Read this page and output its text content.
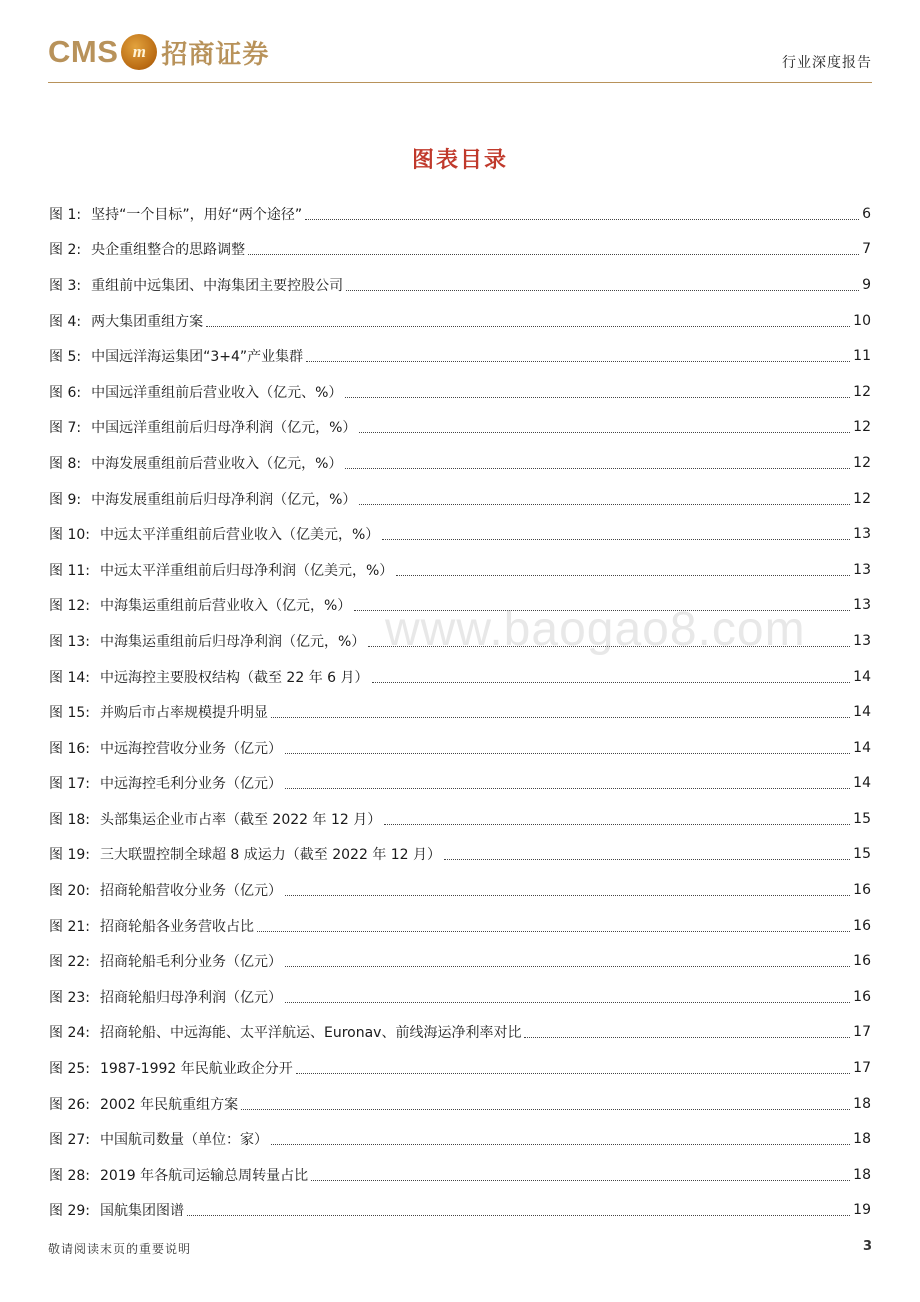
CMS m 招商证券	行业深度报告
图表目录
图 1: 坚持“一个目标”，用好“两个途径”	6
图 2: 央企重组整合的思路调整	7
图 3: 重组前中远集团、中海集团主要控股公司	9
图 4: 两大集团重组方案	10
图 5: 中国远洋海运集团“3+4”产业集群	11
图 6: 中国远洋重组前后营业收入（亿元、%）	12
图 7: 中国远洋重组前后归母净利润（亿元，%）	12
图 8: 中海发展重组前后营业收入（亿元，%）	12
图 9: 中海发展重组前后归母净利润（亿元，%）	12
图 10: 中远太平洋重组前后营业收入（亿美元，%）	13
图 11: 中远太平洋重组前后归母净利润（亿美元，%）	13
图 12: 中海集运重组前后营业收入（亿元，%）	13
图 13: 中海集运重组前后归母净利润（亿元，%）	13
图 14: 中远海控主要股权结构（截至 22 年 6 月）	14
图 15: 并购后市占率规模提升明显	14
图 16: 中远海控营收分业务（亿元）	14
图 17: 中远海控毛利分业务（亿元）	14
图 18: 头部集运企业市占率（截至 2022 年 12 月）	15
图 19: 三大联盟控制全球超 8 成运力（截至 2022 年 12 月）	15
图 20: 招商轮船营收分业务（亿元）	16
图 21: 招商轮船各业务营收占比	16
图 22: 招商轮船毛利分业务（亿元）	16
图 23: 招商轮船归母净利润（亿元）	16
图 24: 招商轮船、中远海能、太平洋航运、Euronav、前线海运净利率对比	17
图 25: 1987-1992 年民航业政企分开	17
图 26: 2002 年民航重组方案	18
图 27: 中国航司数量（单位：家）	18
图 28: 2019 年各航司运输总周转量占比	18
图 29: 国航集团图谱	19
www.baogao8.com
敬请阅读末页的重要说明	3
